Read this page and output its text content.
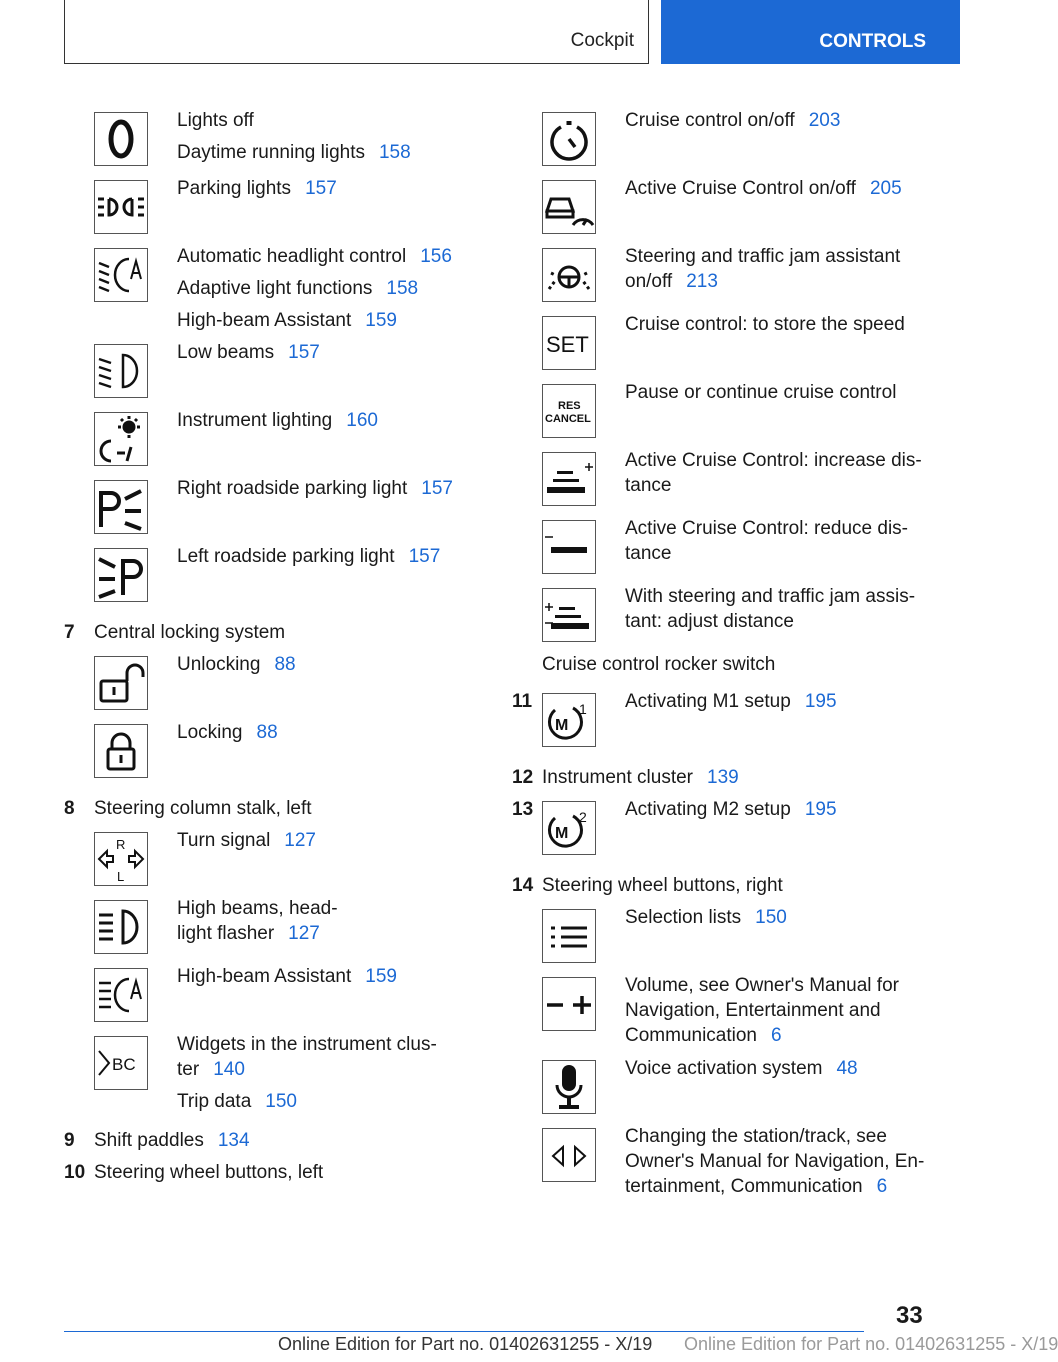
Cockpit	CONTROLS
Lights off
Daytime running lights 158
Parking lights 157
Automatic headlight control 156
Adaptive light functions 158
High-beam Assistant 159
Low beams 157
Instrument lighting 160
Right roadside parking light 157
Left roadside parking light 157
7	Central locking system
Unlocking 88
Locking 88
8	Steering column stalk, left
R
L
Turn signal 127
High beams, head-
light flasher 127
High-beam Assistant 159
BC
Widgets in the instrument clus-
ter 140
Trip data 150
9	Shift paddles 134
10 Steering wheel buttons, left
Cruise control on/off 203
Active Cruise Control on/off 205
Steering and traffic jam assistant
on/off 213
SET
Cruise control: to store the speed
RES
CANCEL
Pause or continue cruise control
Active Cruise Control: increase dis-
tance
Active Cruise Control: reduce dis-
tance
With steering and traffic jam assis-
tant: adjust distance
Cruise control rocker switch
11
M
1 Activating M1 setup 195
12 Instrument cluster 139
13
M
2 Activating M2 setup 195
14 Steering wheel buttons, right
Selection lists 150
Volume, see Owner's Manual for
Navigation, Entertainment and
Communication 6
Voice activation system 48
Changing the station/track, see
Owner's Manual for Navigation, En-
tertainment, Communication 6
33
Online Edition for Part no. 01402631255 - X/19 Online Edition for Part no. 01402631255 - X/19
